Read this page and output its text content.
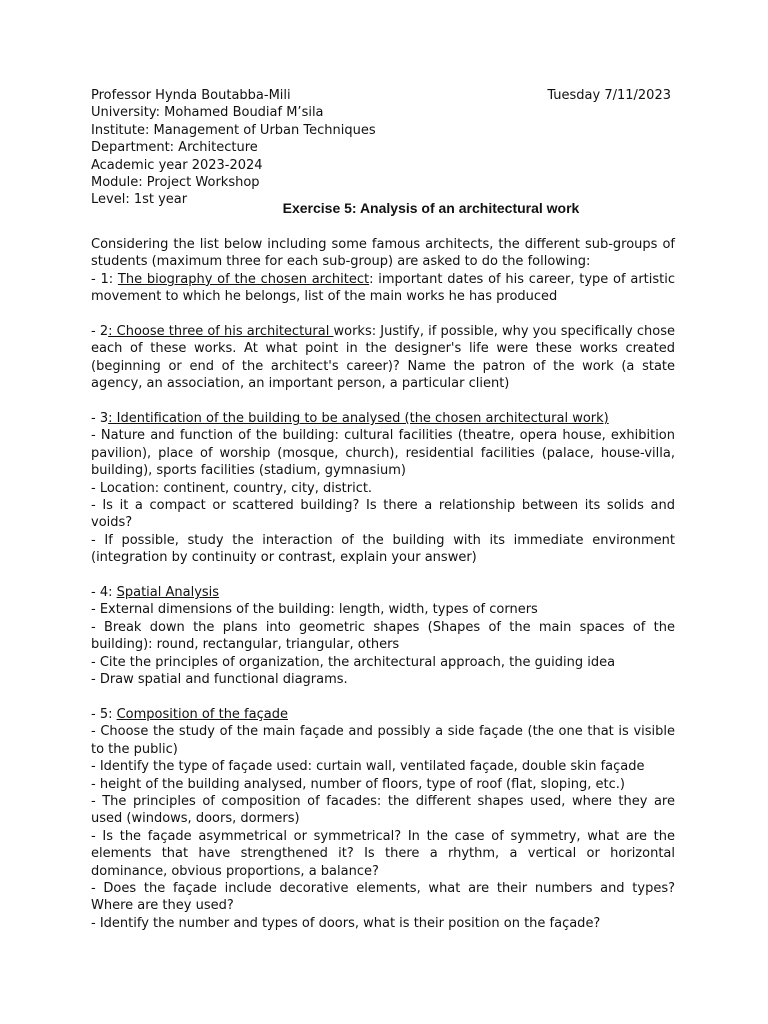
Professor Hynda Boutabba-Mili	Tuesday 7/11/2023
University: Mohamed Boudiaf M’sila
Institute: Management of Urban Techniques
Department: Architecture
Academic year 2023-2024
Module: Project Workshop
Level: 1st year
Exercise 5: Analysis of an architectural work

Considering the list below including some famous architects, the different sub-groups of students (maximum three for each sub-group) are asked to do the following:

- 1: The biography of the chosen architect: important dates of his career, type of artistic movement to which he belongs, list of the main works he has produced

- 2: Choose three of his architectural works: Justify, if possible, why you specifically chose each of these works. At what point in the designer's life were these works created (beginning or end of the architect's career)? Name the patron of the work (a state agency, an association, an important person, a particular client)

- 3: Identification of the building to be analysed (the chosen architectural work)

- Nature and function of the building: cultural facilities (theatre, opera house, exhibition pavilion), place of worship (mosque, church), residential facilities (palace, house-villa, building), sports facilities (stadium, gymnasium)

- Location: continent, country, city, district.

- Is it a compact or scattered building? Is there a relationship between its solids and voids?

- If possible, study the interaction of the building with its immediate environment (integration by continuity or contrast, explain your answer)

- 4: Spatial Analysis

- External dimensions of the building: length, width, types of corners

- Break down the plans into geometric shapes (Shapes of the main spaces of the building): round, rectangular, triangular, others

- Cite the principles of organization, the architectural approach, the guiding idea

- Draw spatial and functional diagrams.

- 5: Composition of the façade

- Choose the study of the main façade and possibly a side façade (the one that is visible to the public)

- Identify the type of façade used: curtain wall, ventilated façade, double skin façade

- height of the building analysed, number of floors, type of roof (flat, sloping, etc.)

- The principles of composition of facades: the different shapes used, where they are used (windows, doors, dormers)

- Is the façade asymmetrical or symmetrical? In the case of symmetry, what are the elements that have strengthened it? Is there a rhythm, a vertical or horizontal dominance, obvious proportions, a balance?

- Does the façade include decorative elements, what are their numbers and types? Where are they used?

- Identify the number and types of doors, what is their position on the façade?
